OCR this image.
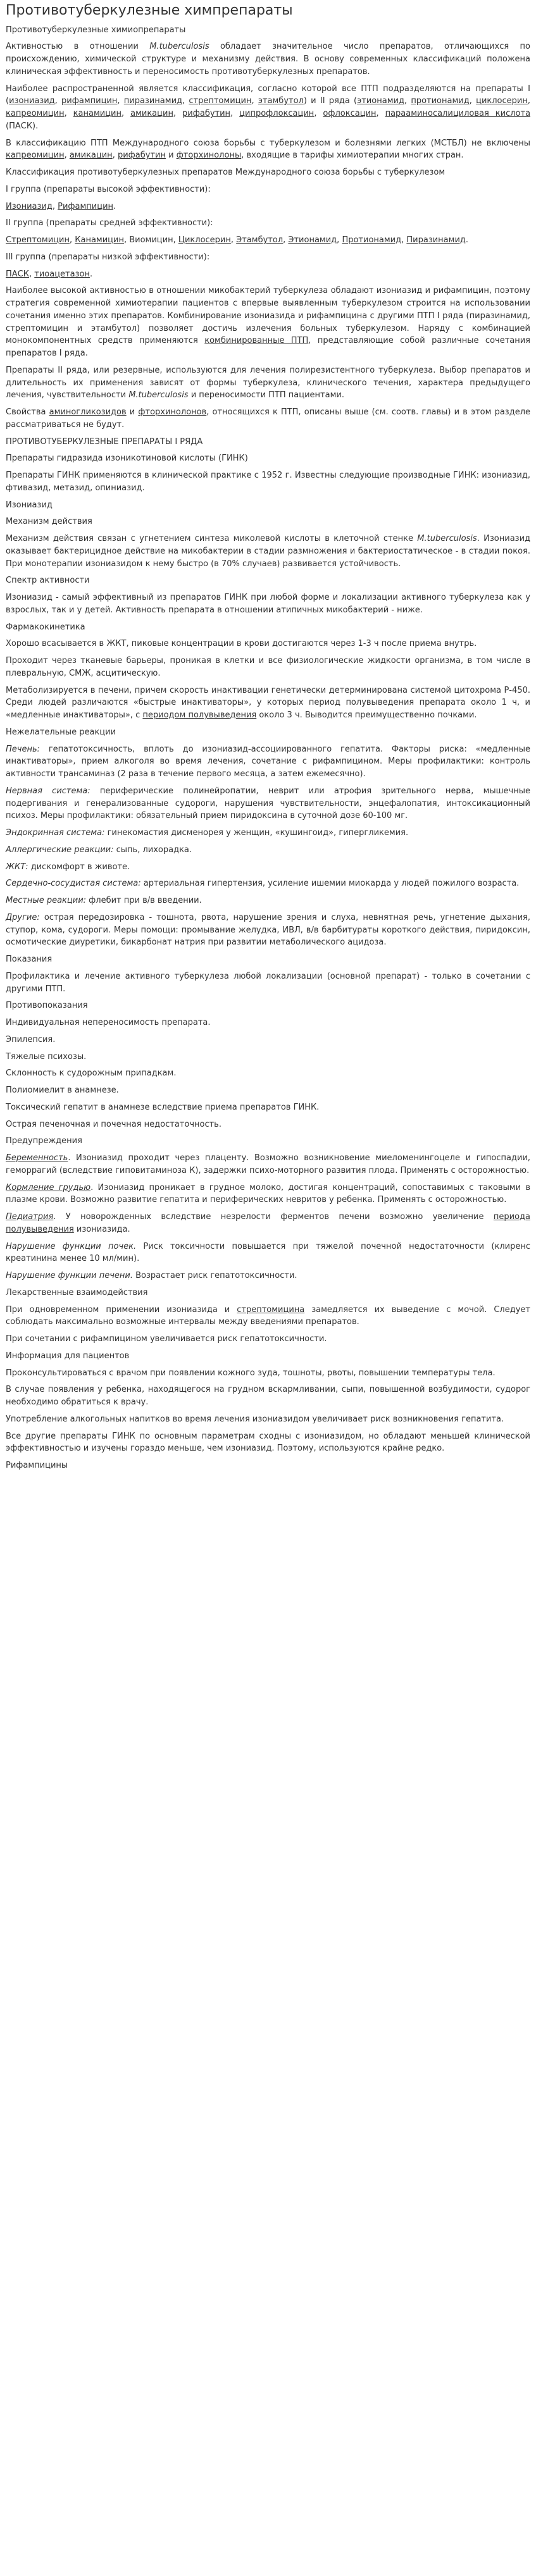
Противотуберкулезные химпрепараты

Противотуберкулезные химиопрепараты

Активностью в отношении M.tuberculosis обладает значительное число препаратов, отличающихся по происхождению, химической структуре и механизму действия. В основу современных классификаций положена клиническая эффективность и переносимость противотуберкулезных препаратов.

Наиболее распространенной является классификация, согласно которой все ПТП подразделяются на препараты I (изониазид, рифампицин, пиразинамид, стрептомицин, этамбутол) и II ряда (этионамид, протионамид, циклосерин, капреомицин, канамицин, амикацин, рифабутин, ципрофлоксацин, офлоксацин, парааминосалициловая кислота (ПАСК).

В классификацию ПТП Международного союза борьбы с туберкулезом и болезнями легких (МСТБЛ) не включены капреомицин, амикацин, рифабутин и фторхинолоны, входящие в тарифы химиотерапии многих стран.

Классификация противотуберкулезных препаратов Международного союза борьбы с туберкулезом

I группа (препараты высокой эффективности):

Изониазид, Рифампицин.

II группа (препараты средней эффективности):

Стрептомицин, Канамицин, Виомицин, Циклосерин, Этамбутол, Этионамид, Протионамид, Пиразинамид.

III группа (препараты низкой эффективности):

ПАСК, тиоацетазон.

Наиболее высокой активностью в отношении микобактерий туберкулеза обладают изониазид и рифампицин, поэтому стратегия современной химиотерапии пациентов с впервые выявленным туберкулезом строится на использовании сочетания именно этих препаратов. Комбинирование изониазида и рифампицина с другими ПТП I ряда (пиразинамид, стрептомицин и этамбутол) позволяет достичь излечения больных туберкулезом. Наряду с комбинацией монокомпонентных средств применяются комбинированные ПТП, представляющие собой различные сочетания препаратов I ряда.

Препараты II ряда, или резервные, используются для лечения полирезистентного туберкулеза. Выбор препаратов и длительность их применения зависят от формы туберкулеза, клинического течения, характера предыдущего лечения, чувствительности M.tuberculosis и переносимости ПТП пациентами.

Свойства аминогликозидов и фторхинолонов, относящихся к ПТП, описаны выше (см. соотв. главы) и в этом разделе рассматриваться не будут.

ПРОТИВОТУБЕРКУЛЕЗНЫЕ ПРЕПАРАТЫ I РЯДА

Препараты гидразида изоникотиновой кислоты (ГИНК)

Препараты ГИНК применяются в клинической практике с 1952 г. Известны следующие производные ГИНК: изониазид, фтивазид, метазид, опиниазид.

Изониазид

Механизм действия

Механизм действия связан с угнетением синтеза миколевой кислоты в клеточной стенке M.tuberculosis. Изониазид оказывает бактерицидное действие на микобактерии в стадии размножения и бактериостатическое - в стадии покоя. При монотерапии изониазидом к нему быстро (в 70% случаев) развивается устойчивость.

Спектр активности

Изониазид - самый эффективный из препаратов ГИНК при любой форме и локализации активного туберкулеза как у взрослых, так и у детей. Активность препарата в отношении атипичных микобактерий - ниже.

Фармакокинетика

Хорошо всасывается в ЖКТ, пиковые концентрации в крови достигаются через 1-3 ч после приема внутрь.

Проходит через тканевые барьеры, проникая в клетки и все физиологические жидкости организма, в том числе в плевральную, СМЖ, асцитическую.

Метаболизируется в печени, причем скорость инактивации генетически детерминирована системой цитохрома Р-450. Среди людей различаются «быстрые инактиваторы», у которых период полувыведения препарата около 1 ч, и «медленные инактиваторы», с периодом полувыведения около 3 ч. Выводится преимущественно почками.

Нежелательные реакции

Печень: гепатотоксичность, вплоть до изониазид-ассоциированного гепатита. Факторы риска: «медленные инактиваторы», прием алкоголя во время лечения, сочетание с рифампицином. Меры профилактики: контроль активности трансаминаз (2 раза в течение первого месяца, а затем ежемесячно).

Нервная система: периферические полинейропатии, неврит или атрофия зрительного нерва, мышечные подергивания и генерализованные судороги, нарушения чувствительности, энцефалопатия, интоксикационный психоз. Меры профилактики: обязательный прием пиридоксина в суточной дозе 60-100 мг.

Эндокринная система: гинекомастия дисменорея у женщин, «кушингоид», гипергликемия.

Аллергические реакции: сыпь, лихорадка.

ЖКТ: дискомфорт в животе.

Сердечно-сосудистая система: артериальная гипертензия, усиление ишемии миокарда у людей пожилого возраста.

Местные реакции: флебит при в/в введении.

Другие: острая передозировка - тошнота, рвота, нарушение зрения и слуха, невнятная речь, угнетение дыхания, ступор, кома, судороги. Меры помощи: промывание желудка, ИВЛ, в/в барбитураты короткого действия, пиридоксин, осмотические диуретики, бикарбонат натрия при развитии метаболического ацидоза.

Показания

Профилактика и лечение активного туберкулеза любой локализации (основной препарат) - только в сочетании с другими ПТП.

Противопоказания

Индивидуальная непереносимость препарата.

Эпилепсия.

Тяжелые психозы.

Склонность к судорожным припадкам.

Полиомиелит в анамнезе.

Токсический гепатит в анамнезе вследствие приема препаратов ГИНК.

Острая печеночная и почечная недостаточность.

Предупреждения

Беременность. Изониазид проходит через плаценту. Возможно возникновение миеломенингоцеле и гипоспадии, геморрагий (вследствие гиповитаминоза К), задержки психо-моторного развития плода. Применять с осторожностью.

Кормление грудью. Изониазид проникает в грудное молоко, достигая концентраций, сопоставимых с таковыми в плазме крови. Возможно развитие гепатита и периферических невритов у ребенка. Применять с осторожностью.

Педиатрия. У новорожденных вследствие незрелости ферментов печени возможно увеличение периода полувыведения изониазида.

Нарушение функции почек. Риск токсичности повышается при тяжелой почечной недостаточности (клиренс креатинина менее 10 мл/мин).

Нарушение функции печени. Возрастает риск гепатотоксичности.

Лекарственные взаимодействия

При одновременном применении изониазида и стрептомицина замедляется их выведение с мочой. Следует соблюдать максимально возможные интервалы между введениями препаратов.

При сочетании с рифампицином увеличивается риск гепатотоксичности.

Информация для пациентов

Проконсультироваться с врачом при появлении кожного зуда, тошноты, рвоты, повышении температуры тела.

В случае появления у ребенка, находящегося на грудном вскармливании, сыпи, повышенной возбудимости, судорог необходимо обратиться к врачу.

Употребление алкогольных напитков во время лечения изониазидом увеличивает риск возникновения гепатита.

Все другие препараты ГИНК по основным параметрам сходны с изониазидом, но обладают меньшей клинической эффективностью и изучены гораздо меньше, чем изониазид. Поэтому, используются крайне редко.

Рифампицины
